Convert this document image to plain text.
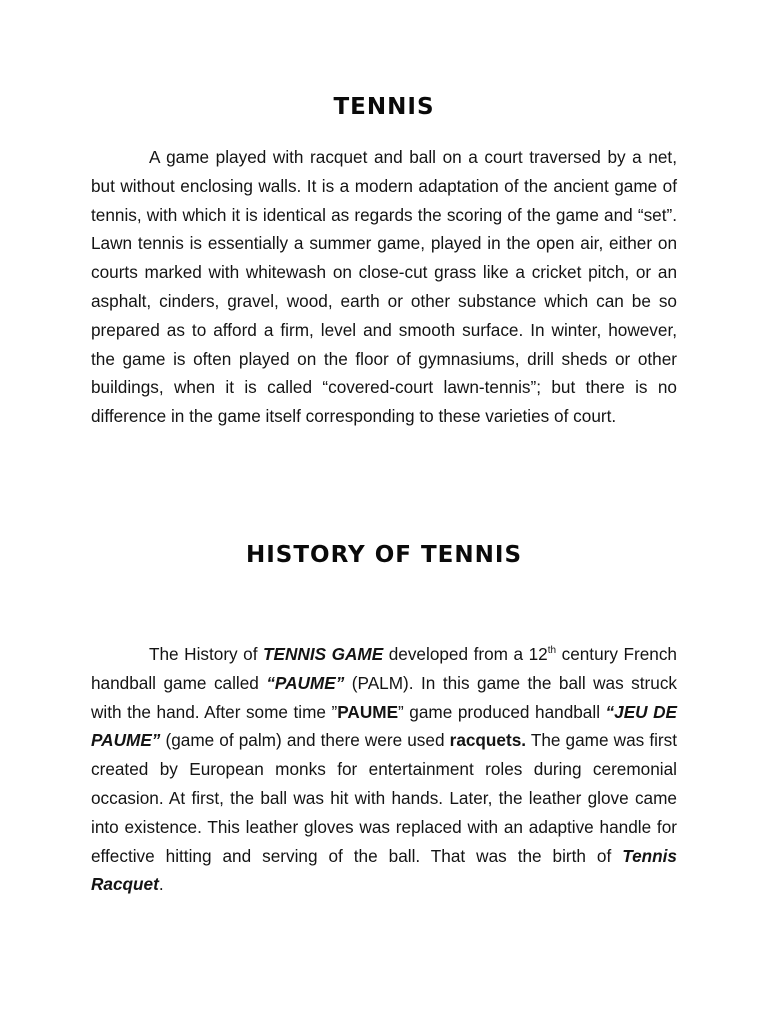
TENNIS

A game played with racquet and ball on a court traversed by a net, but without enclosing walls. It is a modern adaptation of the ancient game of tennis, with which it is identical as regards the scoring of the game and “set”. Lawn tennis is essentially a summer game, played in the open air, either on courts marked with whitewash on close-cut grass like a cricket pitch, or an asphalt, cinders, gravel, wood, earth or other substance which can be so prepared as to afford a firm, level and smooth surface. In winter, however, the game is often played on the floor of gymnasiums, drill sheds or other buildings, when it is called “covered-court lawn-tennis”; but there is no difference in the game itself corresponding to these varieties of court.

HISTORY OF TENNIS

The History of TENNIS GAME developed from a 12th century French handball game called “PAUME” (PALM). In this game the ball was struck with the hand. After some time ”PAUME” game produced handball “JEU DE PAUME” (game of palm) and there were used racquets. The game was first created by European monks for entertainment roles during ceremonial occasion. At first, the ball was hit with hands. Later, the leather glove came into existence. This leather gloves was replaced with an adaptive handle for effective hitting and serving of the ball. That was the birth of Tennis Racquet.
